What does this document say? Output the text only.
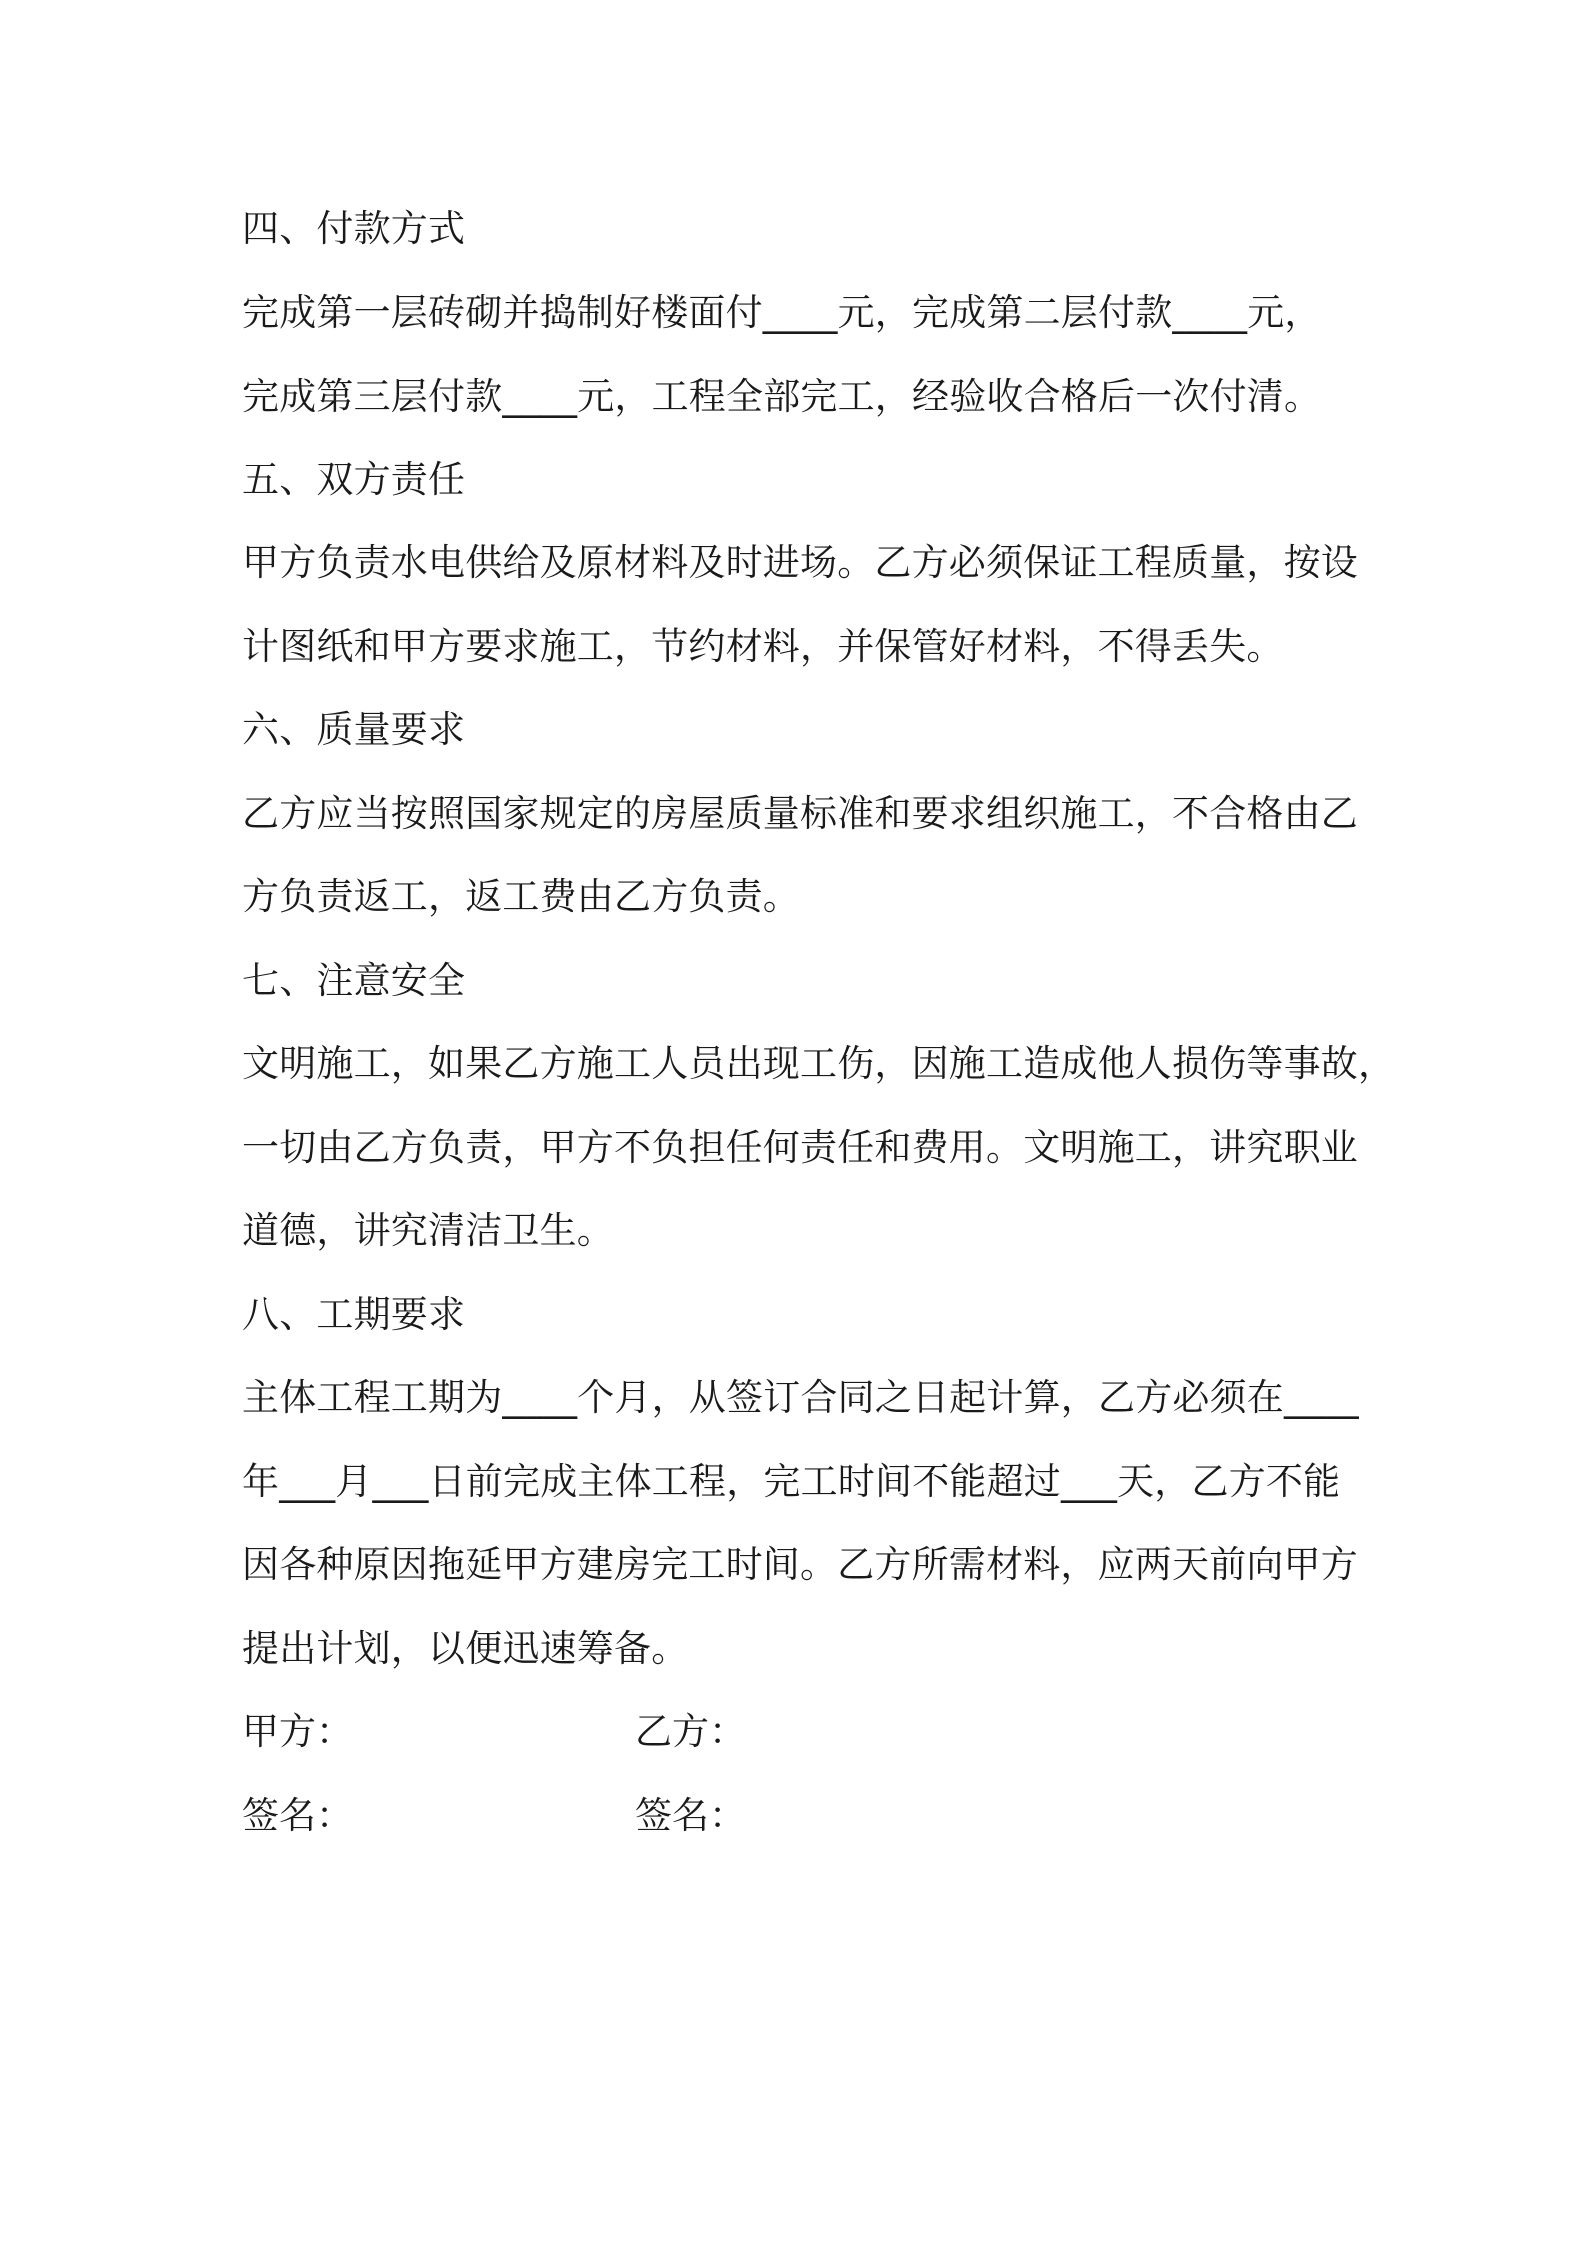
四、付款方式
完成第一层砖砌并捣制好楼面付____元，完成第二层付款____元，
完成第三层付款____元，工程全部完工，经验收合格后一次付清。
五、双方责任
甲方负责水电供给及原材料及时进场。乙方必须保证工程质量，按设
计图纸和甲方要求施工，节约材料，并保管好材料，不得丢失。
六、质量要求
乙方应当按照国家规定的房屋质量标准和要求组织施工，不合格由乙
方负责返工，返工费由乙方负责。
七、注意安全
文明施工，如果乙方施工人员出现工伤，因施工造成他人损伤等事故，
一切由乙方负责，甲方不负担任何责任和费用。文明施工，讲究职业
道德，讲究清洁卫生。
八、工期要求
主体工程工期为____个月，从签订合同之日起计算，乙方必须在____
年___月___日前完成主体工程，完工时间不能超过___天，乙方不能
因各种原因拖延甲方建房完工时间。乙方所需材料，应两天前向甲方
提出计划，以便迅速筹备。
甲方：	乙方：
签名：	签名：
